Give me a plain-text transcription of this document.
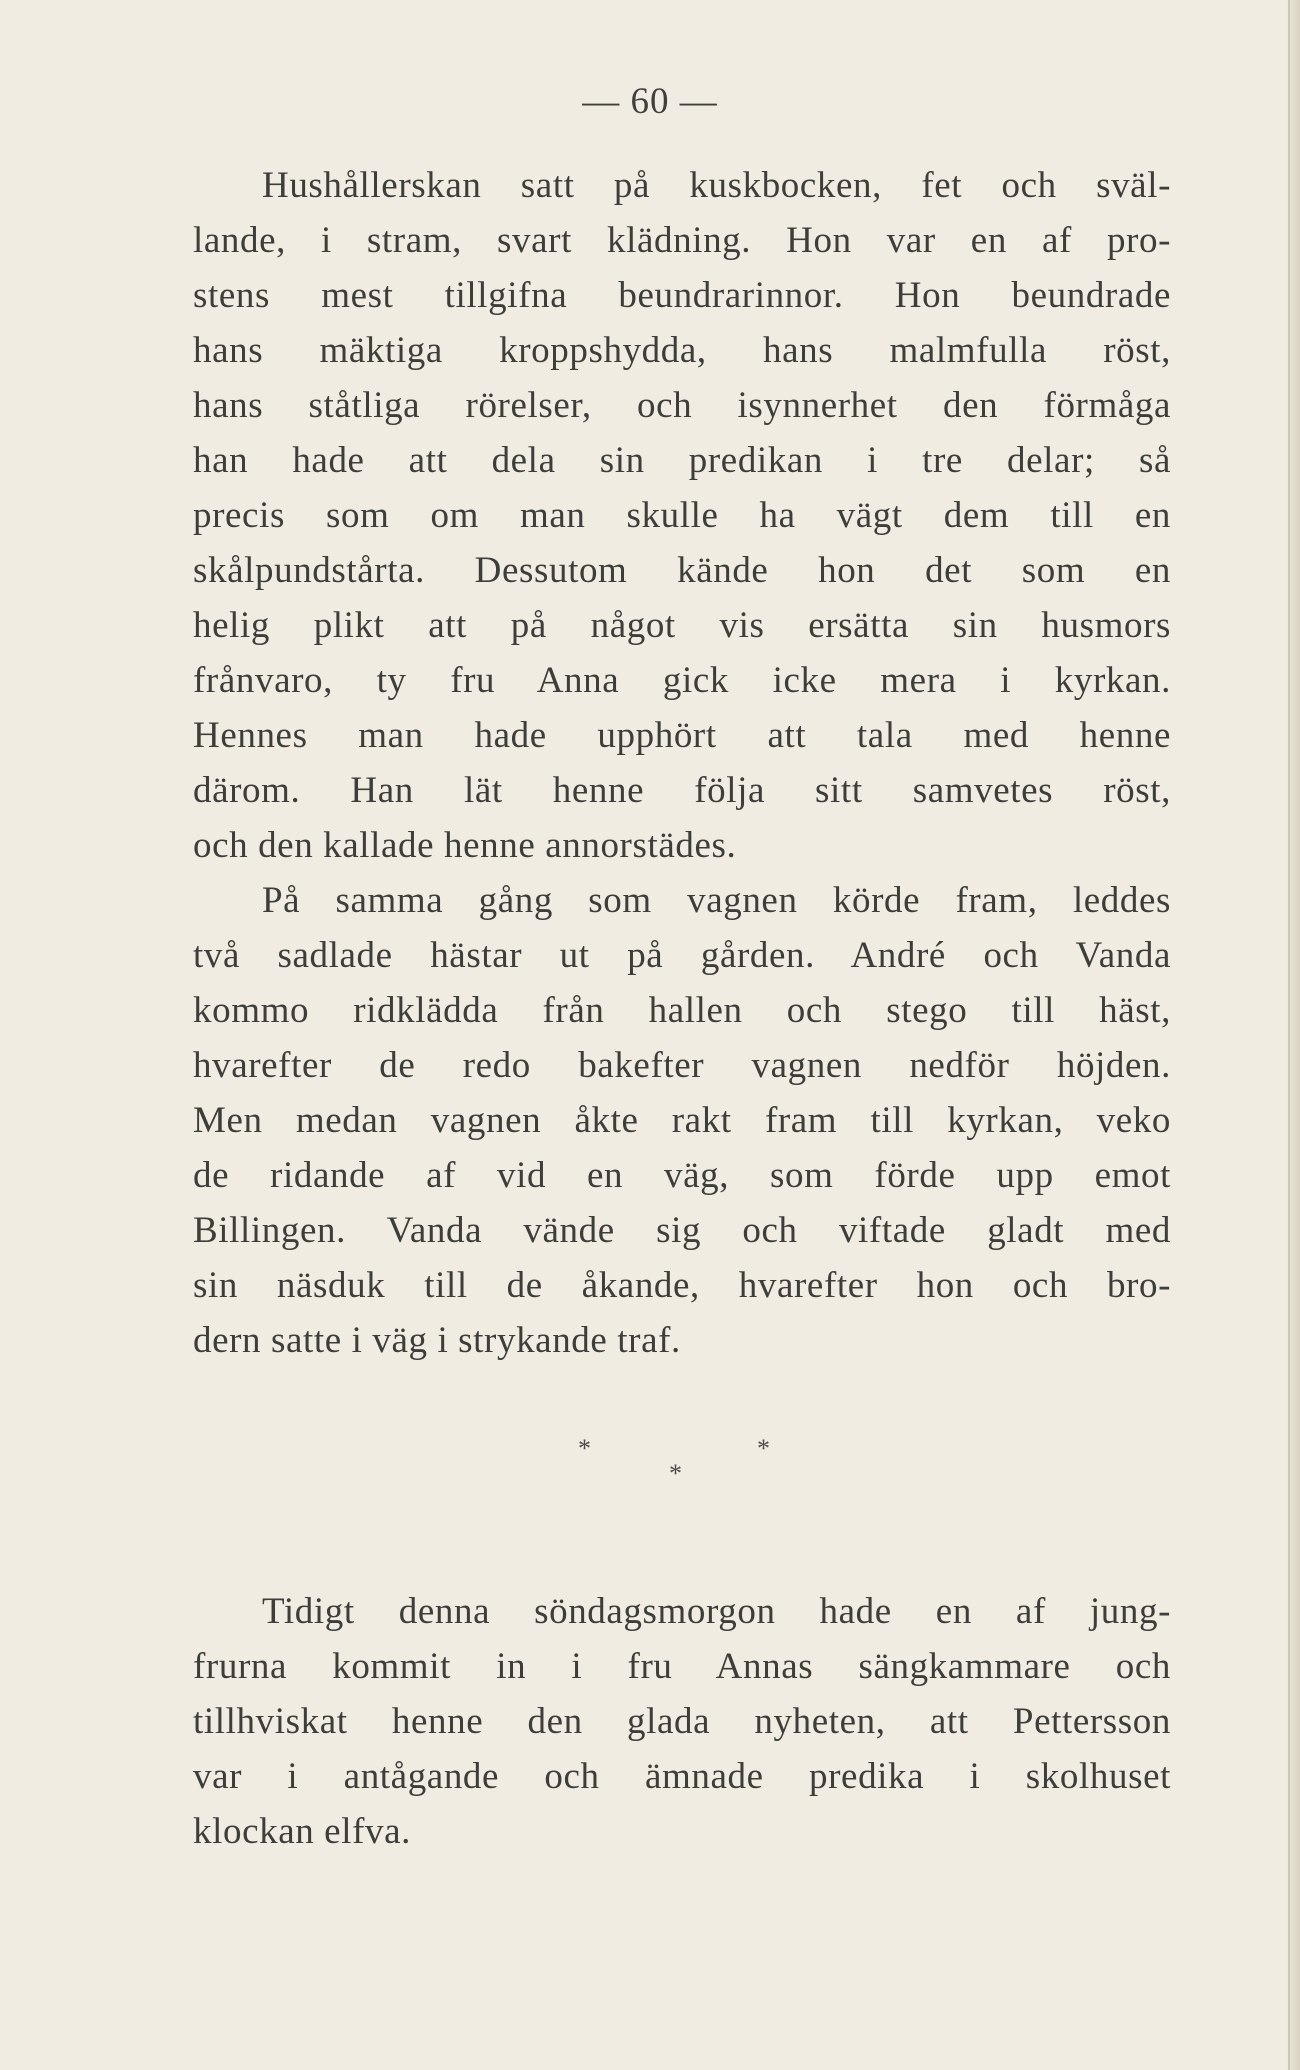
— 60 —
Hushållerskan satt på kuskbocken, fet och sväl-
lande, i stram, svart klädning. Hon var en af pro-
stens mest tillgifna beundrarinnor. Hon beundrade
hans mäktiga kroppshydda, hans malmfulla röst,
hans ståtliga rörelser, och isynnerhet den förmåga
han hade att dela sin predikan i tre delar; så
precis som om man skulle ha vägt dem till en
skålpundstårta. Dessutom kände hon det som en
helig plikt att på något vis ersätta sin husmors
frånvaro, ty fru Anna gick icke mera i kyrkan.
Hennes man hade upphört att tala med henne
därom. Han lät henne följa sitt samvetes röst,
och den kallade henne annorstädes.
På samma gång som vagnen körde fram, leddes
två sadlade hästar ut på gården. André och Vanda
kommo ridklädda från hallen och stego till häst,
hvarefter de redo bakefter vagnen nedför höjden.
Men medan vagnen åkte rakt fram till kyrkan, veko
de ridande af vid en väg, som förde upp emot
Billingen. Vanda vände sig och viftade gladt med
sin näsduk till de åkande, hvarefter hon och bro-
dern satte i väg i strykande traf.
*	*
*
Tidigt denna söndagsmorgon hade en af jung-
frurna kommit in i fru Annas sängkammare och
tillhviskat henne den glada nyheten, att Pettersson
var i antågande och ämnade predika i skolhuset
klockan elfva.
